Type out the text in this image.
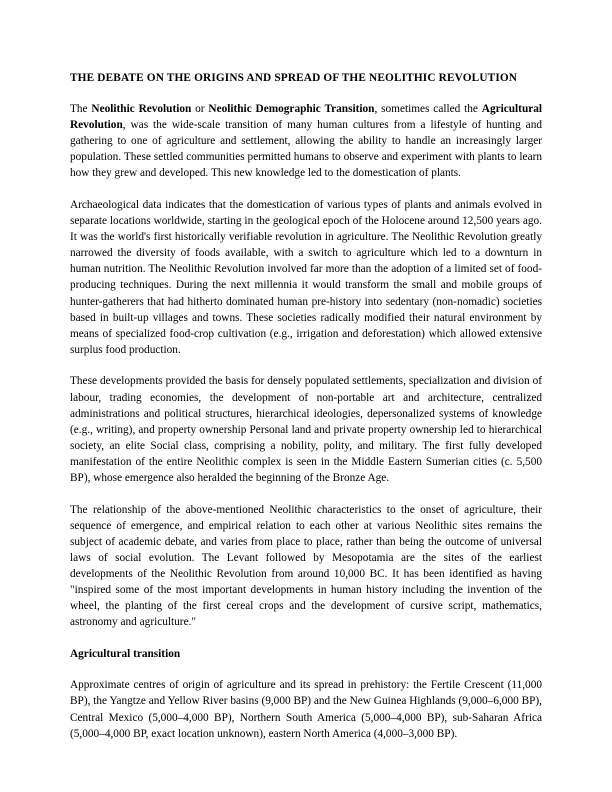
THE DEBATE ON THE ORIGINS AND SPREAD OF THE NEOLITHIC REVOLUTION

The Neolithic Revolution or Neolithic Demographic Transition, sometimes called the Agricultural Revolution, was the wide-scale transition of many human cultures from a lifestyle of hunting and gathering to one of agriculture and settlement, allowing the ability to handle an increasingly larger population. These settled communities permitted humans to observe and experiment with plants to learn how they grew and developed. This new knowledge led to the domestication of plants.

Archaeological data indicates that the domestication of various types of plants and animals evolved in separate locations worldwide, starting in the geological epoch of the Holocene around 12,500 years ago. It was the world's first historically verifiable revolution in agriculture. The Neolithic Revolution greatly narrowed the diversity of foods available, with a switch to agriculture which led to a downturn in human nutrition. The Neolithic Revolution involved far more than the adoption of a limited set of food-producing techniques. During the next millennia it would transform the small and mobile groups of hunter-gatherers that had hitherto dominated human pre-history into sedentary (non-nomadic) societies based in built-up villages and towns. These societies radically modified their natural environment by means of specialized food-crop cultivation (e.g., irrigation and deforestation) which allowed extensive surplus food production.

These developments provided the basis for densely populated settlements, specialization and division of labour, trading economies, the development of non-portable art and architecture, centralized administrations and political structures, hierarchical ideologies, depersonalized systems of knowledge (e.g., writing), and property ownership Personal land and private property ownership led to hierarchical society, an elite Social class, comprising a nobility, polity, and military. The first fully developed manifestation of the entire Neolithic complex is seen in the Middle Eastern Sumerian cities (c. 5,500 BP), whose emergence also heralded the beginning of the Bronze Age.

The relationship of the above-mentioned Neolithic characteristics to the onset of agriculture, their sequence of emergence, and empirical relation to each other at various Neolithic sites remains the subject of academic debate, and varies from place to place, rather than being the outcome of universal laws of social evolution. The Levant followed by Mesopotamia are the sites of the earliest developments of the Neolithic Revolution from around 10,000 BC. It has been identified as having "inspired some of the most important developments in human history including the invention of the wheel, the planting of the first cereal crops and the development of cursive script, mathematics, astronomy and agriculture."

Agricultural transition

Approximate centres of origin of agriculture and its spread in prehistory: the Fertile Crescent (11,000 BP), the Yangtze and Yellow River basins (9,000 BP) and the New Guinea Highlands (9,000–6,000 BP), Central Mexico (5,000–4,000 BP), Northern South America (5,000–4,000 BP), sub-Saharan Africa (5,000–4,000 BP, exact location unknown), eastern North America (4,000–3,000 BP).
